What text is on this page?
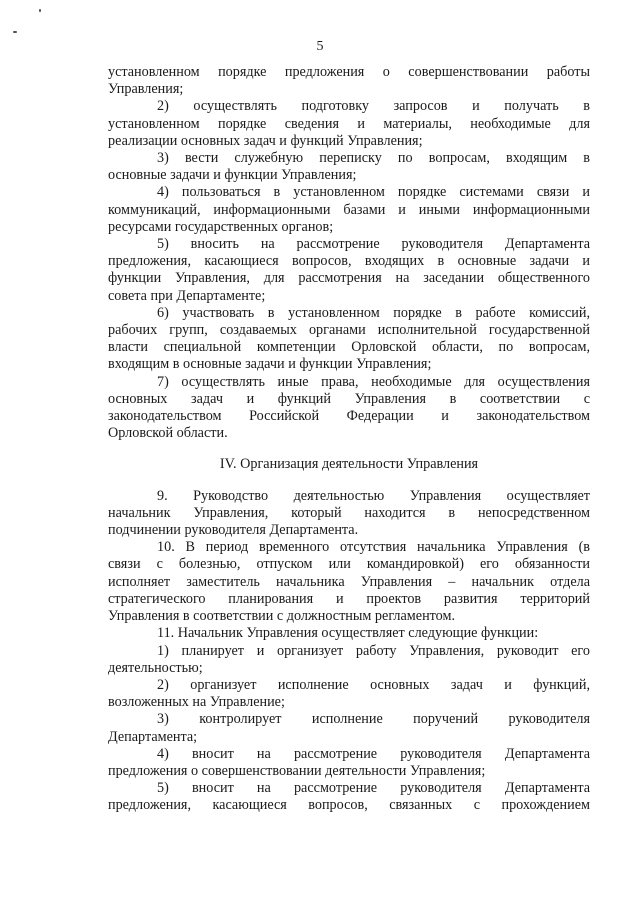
5
установленном порядке предложения о совершенствовании работы
Управления;
2) осуществлять подготовку запросов и получать в
установленном порядке сведения и материалы, необходимые для
реализации основных задач и функций Управления;
3) вести служебную переписку по вопросам, входящим в
основные задачи и функции Управления;
4) пользоваться в установленном порядке системами связи и
коммуникаций, информационными базами и иными информационными
ресурсами государственных органов;
5) вносить на рассмотрение руководителя Департамента
предложения, касающиеся вопросов, входящих в основные задачи и
функции Управления, для рассмотрения на заседании общественного
совета при Департаменте;
6) участвовать в установленном порядке в работе комиссий,
рабочих групп, создаваемых органами исполнительной государственной
власти специальной компетенции Орловской области, по вопросам,
входящим в основные задачи и функции Управления;
7) осуществлять иные права, необходимые для осуществления
основных задач и функций Управления в соответствии с
законодательством Российской Федерации и законодательством
Орловской области.
IV. Организация деятельности Управления
9. Руководство деятельностью Управления осуществляет
начальник Управления, который находится в непосредственном
подчинении руководителя Департамента.
10. В период временного отсутствия начальника Управления (в
связи с болезнью, отпуском или командировкой) его обязанности
исполняет заместитель начальника Управления – начальник отдела
стратегического планирования и проектов развития территорий
Управления в соответствии с должностным регламентом.
11. Начальник Управления осуществляет следующие функции:
1) планирует и организует работу Управления, руководит его
деятельностью;
2) организует исполнение основных задач и функций,
возложенных на Управление;
3) контролирует исполнение поручений руководителя
Департамента;
4) вносит на рассмотрение руководителя Департамента
предложения о совершенствовании деятельности Управления;
5) вносит на рассмотрение руководителя Департамента
предложения, касающиеся вопросов, связанных с прохождением
